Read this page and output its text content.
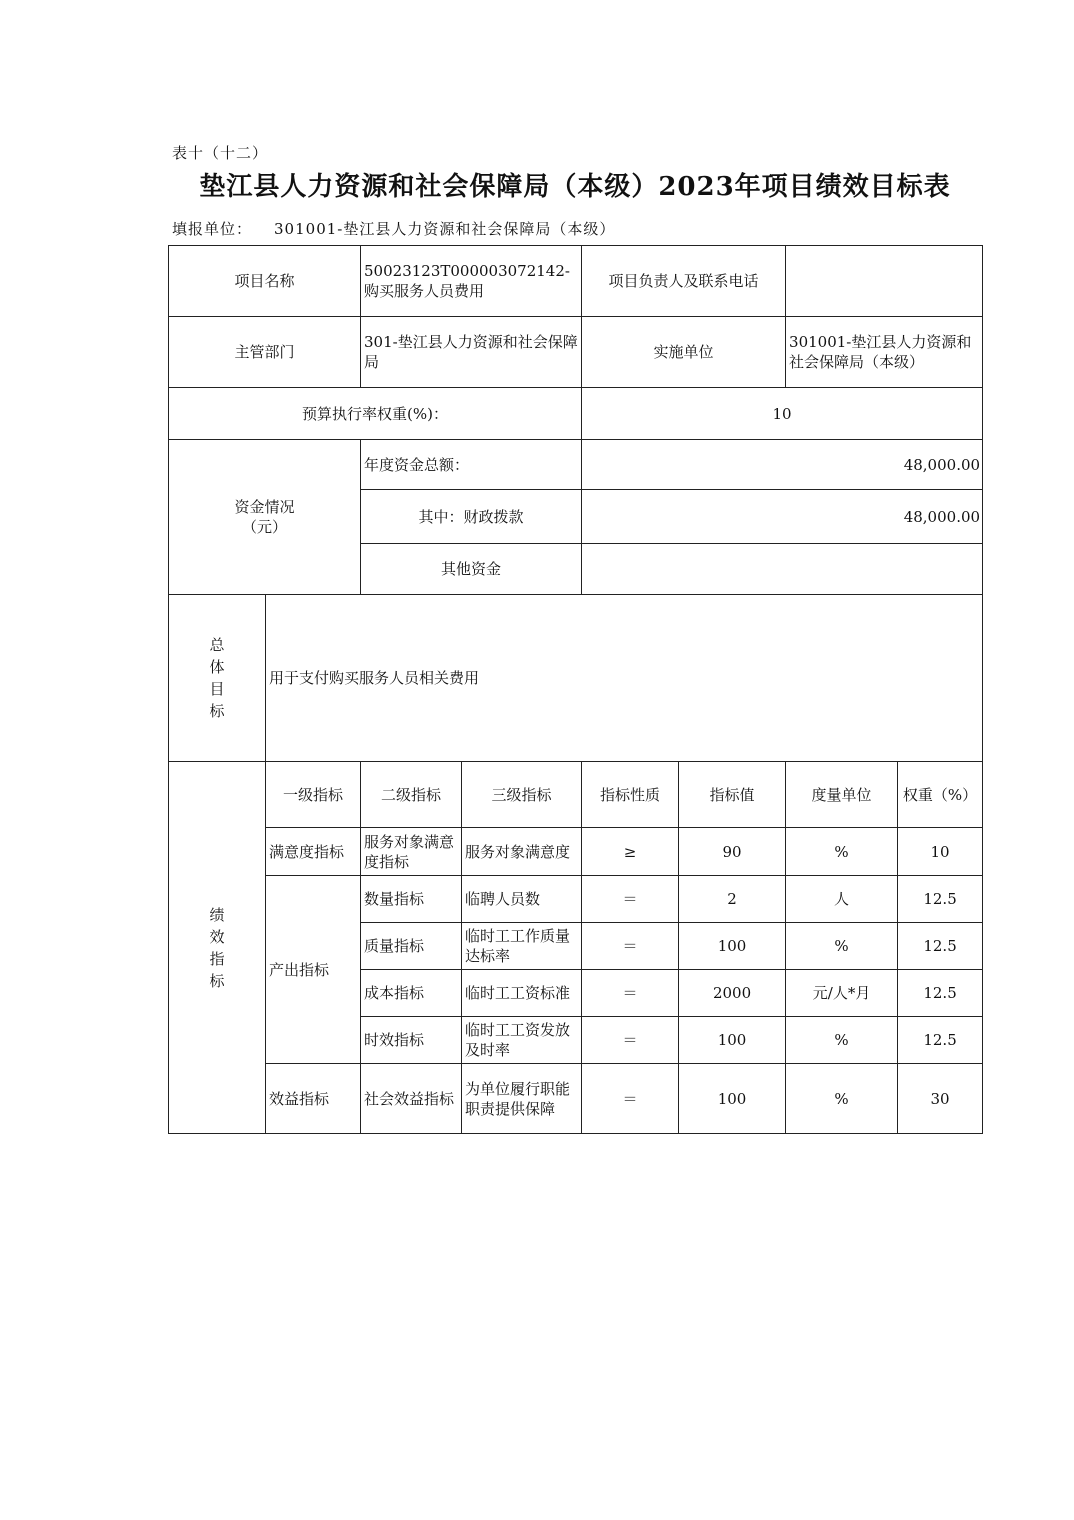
表十（十二）
垫江县人力资源和社会保障局（本级）2023年项目绩效目标表
填报单位： 301001-垫江县人力资源和社会保障局（本级）
项目名称		50023123T000003072142-购买服务人员费用		项目负责人及联系电话			
主管部门		301-垫江县人力资源和社会保障局		实施单位		301001-垫江县人力资源和社会保障局（本级）	
预算执行率权重(%)：				10			

资金情况
（元）		年度资金总额：		48,000.00			
		其中：财政拨款		48,000.00			
		其他资金					

总体目标	用于支付购买服务人员相关费用						

绩效指标	一级指标	二级指标	三级指标	指标性质	指标值	度量单位	权重（%）
	满意度指标	服务对象满意度指标	服务对象满意度	≥	90	%	10
	产出指标	数量指标	临聘人员数	＝	2	人	12.5
		质量指标	临时工工作质量达标率	＝	100	%	12.5
		成本指标	临时工工资标准	＝	2000	元/人*月	12.5
		时效指标	临时工工资发放及时率	＝	100	%	12.5
	效益指标	社会效益指标	为单位履行职能职责提供保障	＝	100	%	30
